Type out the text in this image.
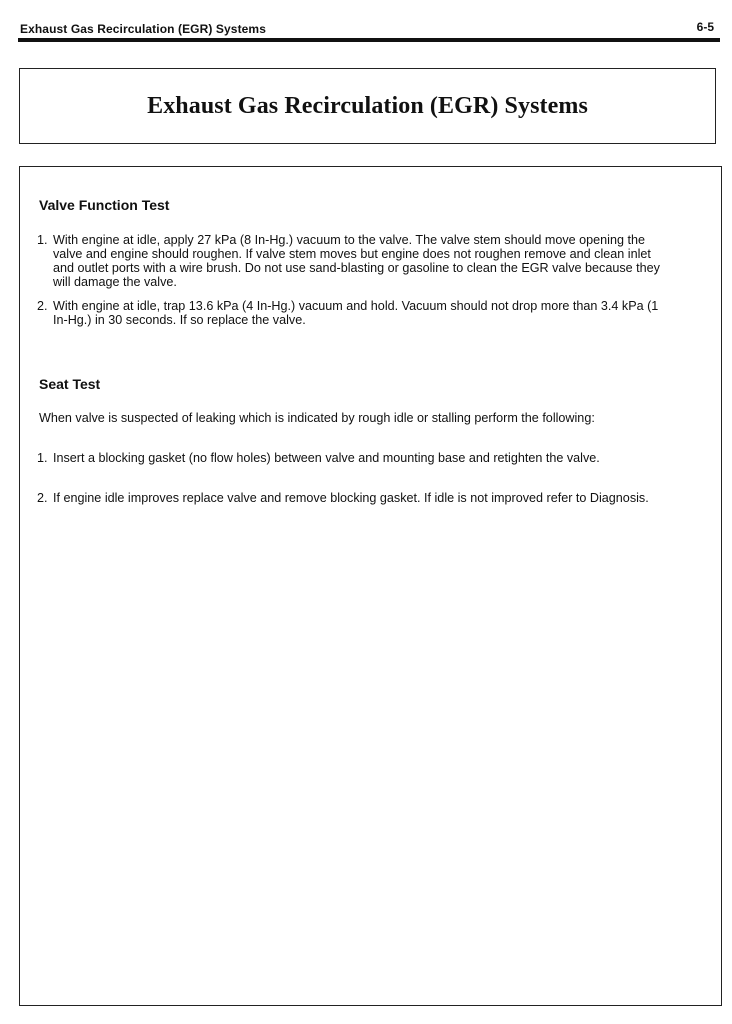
Exhaust Gas Recirculation (EGR) Systems	6-5
Exhaust Gas Recirculation (EGR) Systems
Valve Function Test
1. With engine at idle, apply 27 kPa (8 In-Hg.) vacuum to the valve. The valve stem should move opening the valve and engine should roughen. If valve stem moves but engine does not roughen remove and clean inlet and outlet ports with a wire brush. Do not use sand-blasting or gasoline to clean the EGR valve because they will damage the valve.
2. With engine at idle, trap 13.6 kPa (4 In-Hg.) vacuum and hold. Vacuum should not drop more than 3.4 kPa (1 In-Hg.) in 30 seconds. If so replace the valve.
Seat Test

When valve is suspected of leaking which is indicated by rough idle or stalling perform the following:

1. Insert a blocking gasket (no flow holes) between valve and mounting base and retighten the valve.
2. If engine idle improves replace valve and remove blocking gasket. If idle is not improved refer to Diagnosis.
